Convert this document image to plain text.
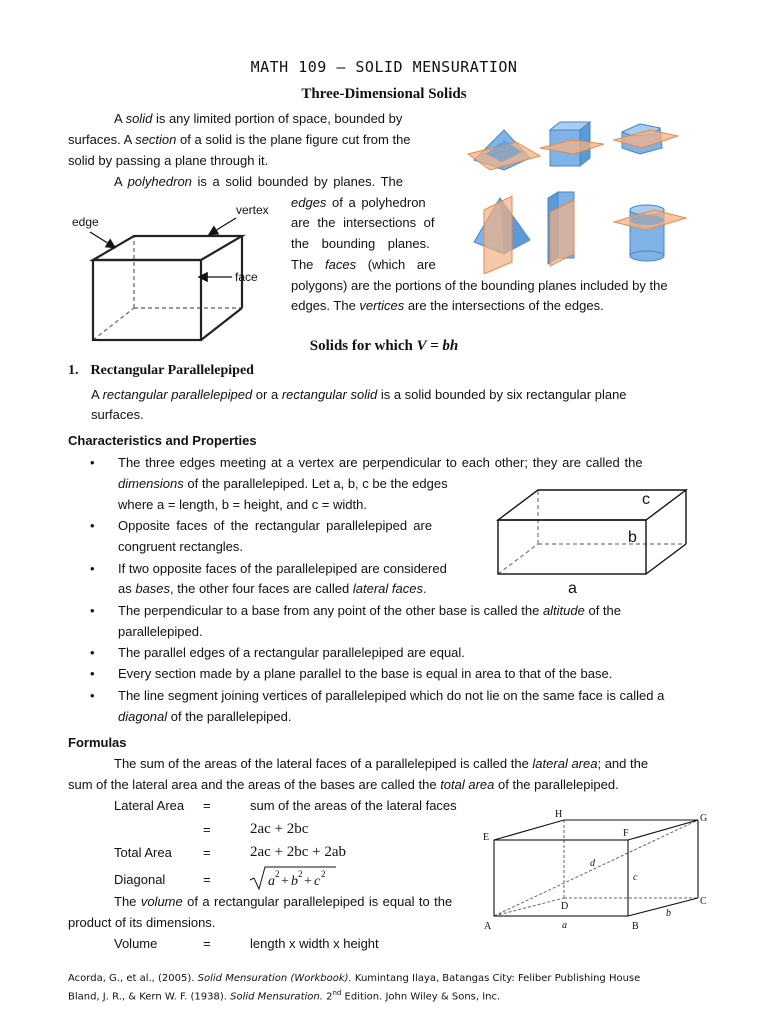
MATH 109 – SOLID MENSURATION
Three-Dimensional Solids
A solid is any limited portion of space, bounded by
surfaces. A section of a solid is the plane figure cut from the
solid by passing a plane through it.
A polyhedron is a solid bounded by planes. The
edges of a polyhedron
are the intersections of
the bounding planes.
The faces (which are
polygons) are the portions of the bounding planes included by the
edges. The vertices are the intersections of the edges.
edge
vertex
face
Solids for which V = bh
1. Rectangular Parallelepiped
A rectangular parallelepiped or a rectangular solid is a solid bounded by six rectangular plane
surfaces.
Characteristics and Properties
• The three edges meeting at a vertex are perpendicular to each other; they are called the
dimensions of the parallelepiped. Let a, b, c be the edges
where a = length, b = height, and c = width.
• Opposite faces of the rectangular parallelepiped are
congruent rectangles.
• If two opposite faces of the parallelepiped are considered
as bases, the other four faces are called lateral faces.
• The perpendicular to a base from any point of the other base is called the altitude of the
parallelepiped.
• The parallel edges of a rectangular parallelepiped are equal.
• Every section made by a plane parallel to the base is equal in area to that of the base.
• The line segment joining vertices of parallelepiped which do not lie on the same face is called a
diagonal of the parallelepiped.
c
b
a
Formulas
The sum of the areas of the lateral faces of a parallelepiped is called the lateral area; and the
sum of the lateral area and the areas of the bases are called the total area of the parallelepiped.
Lateral Area =	sum of the areas of the lateral faces
=	2ac + 2bc
Total Area =	2ac + 2bc + 2ab
Diagonal	=	a 2 + b 2 + c 2
The volume of a rectangular parallelepiped is equal to the
product of its dimensions.
Volume	=	length x width x height
H	G
E	F
D	C
A	B
a
b
c
d
Acorda, G., et al., (2005). Solid Mensuration (Workbook). Kumintang Ilaya, Batangas City: Feliber Publishing House
Bland, J. R., & Kern W. F. (1938). Solid Mensuration. 2nd Edition. John Wiley & Sons, Inc.
